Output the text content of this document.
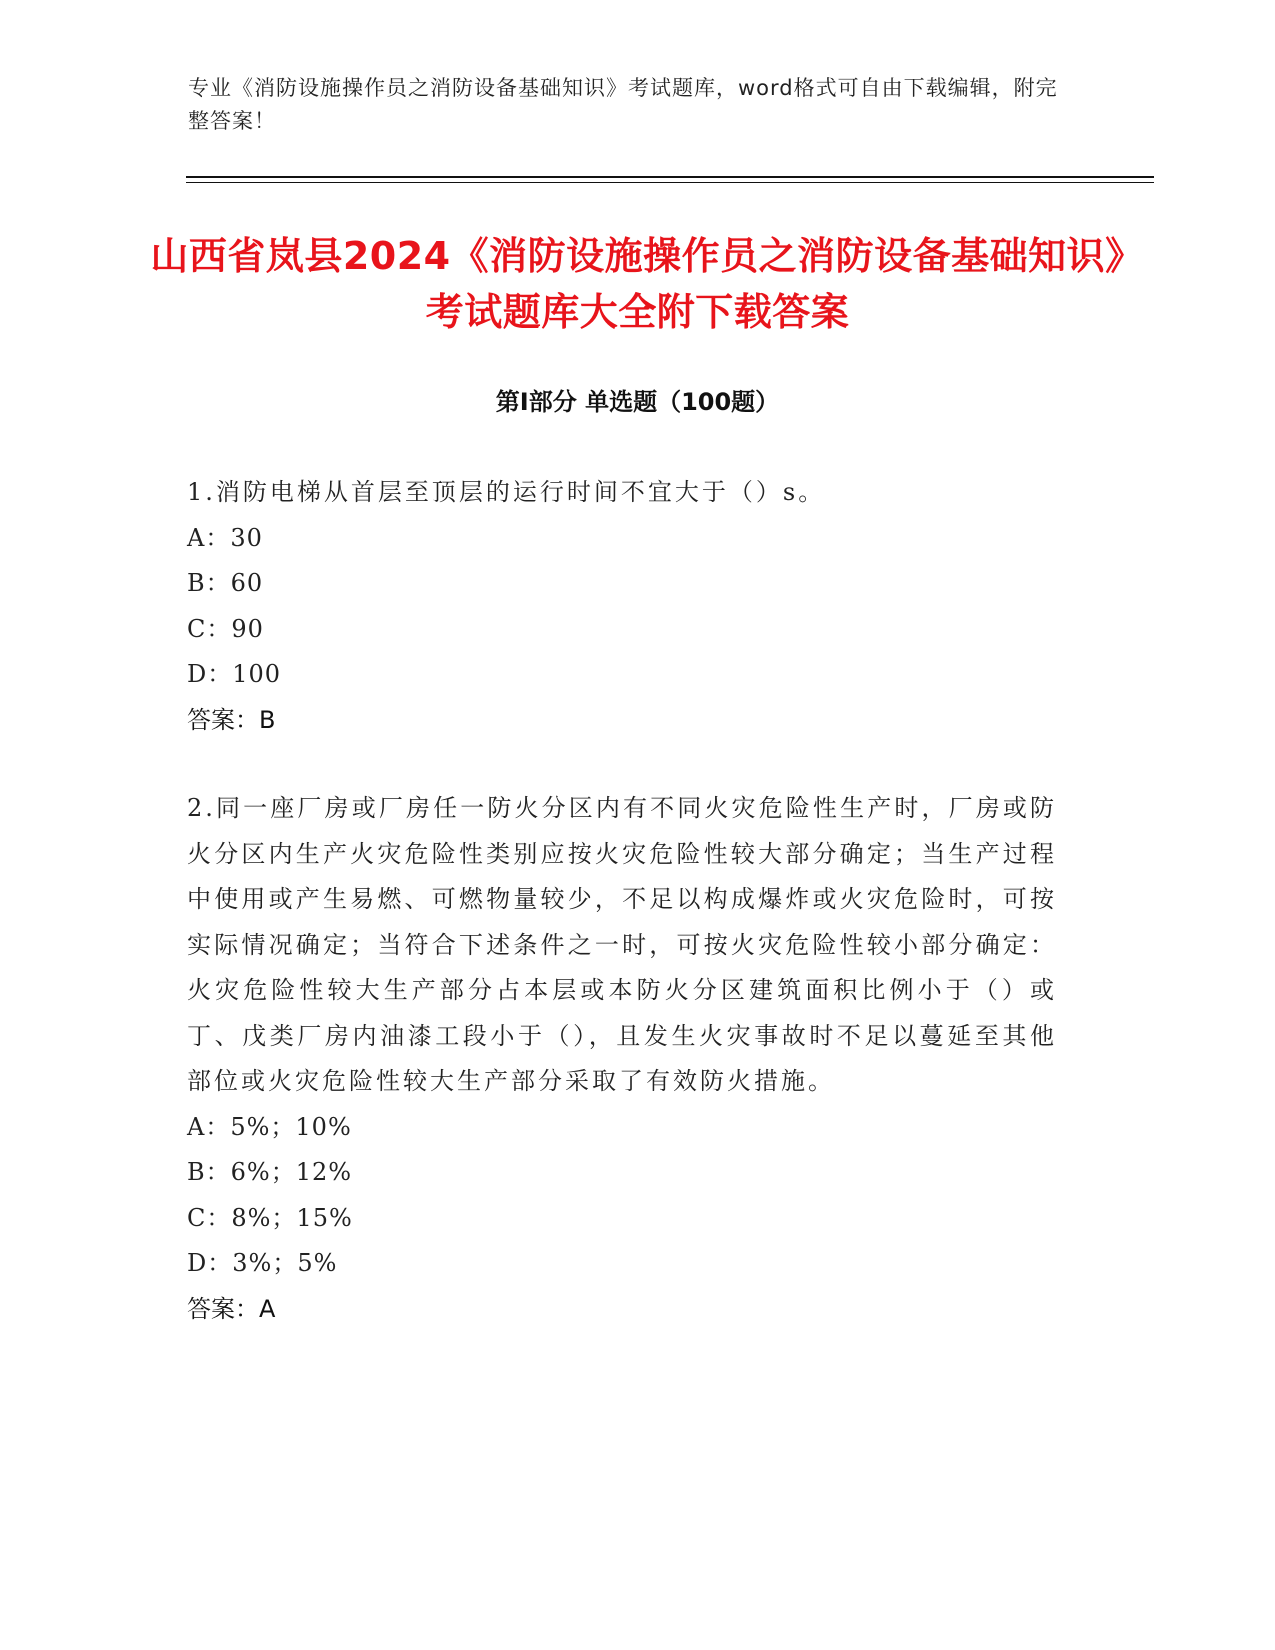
专业《消防设施操作员之消防设备基础知识》考试题库，word格式可自由下载编辑，附完整答案！
山西省岚县2024《消防设施操作员之消防设备基础知识》考试题库大全附下载答案
第Ⅰ部分 单选题（100题）

1.消防电梯从首层至顶层的运行时间不宜大于（）s。

A：30

B：60

C：90

D：100

答案：B

2.同一座厂房或厂房任一防火分区内有不同火灾危险性生产时，厂房或防火分区内生产火灾危险性类别应按火灾危险性较大部分确定；当生产过程中使用或产生易燃、可燃物量较少，不足以构成爆炸或火灾危险时，可按实际情况确定；当符合下述条件之一时，可按火灾危险性较小部分确定：火灾危险性较大生产部分占本层或本防火分区建筑面积比例小于（）或丁、戊类厂房内油漆工段小于（），且发生火灾事故时不足以蔓延至其他部位或火灾危险性较大生产部分采取了有效防火措施。

A：5%；10%

B：6%；12%

C：8%；15%

D：3%；5%

答案：A
